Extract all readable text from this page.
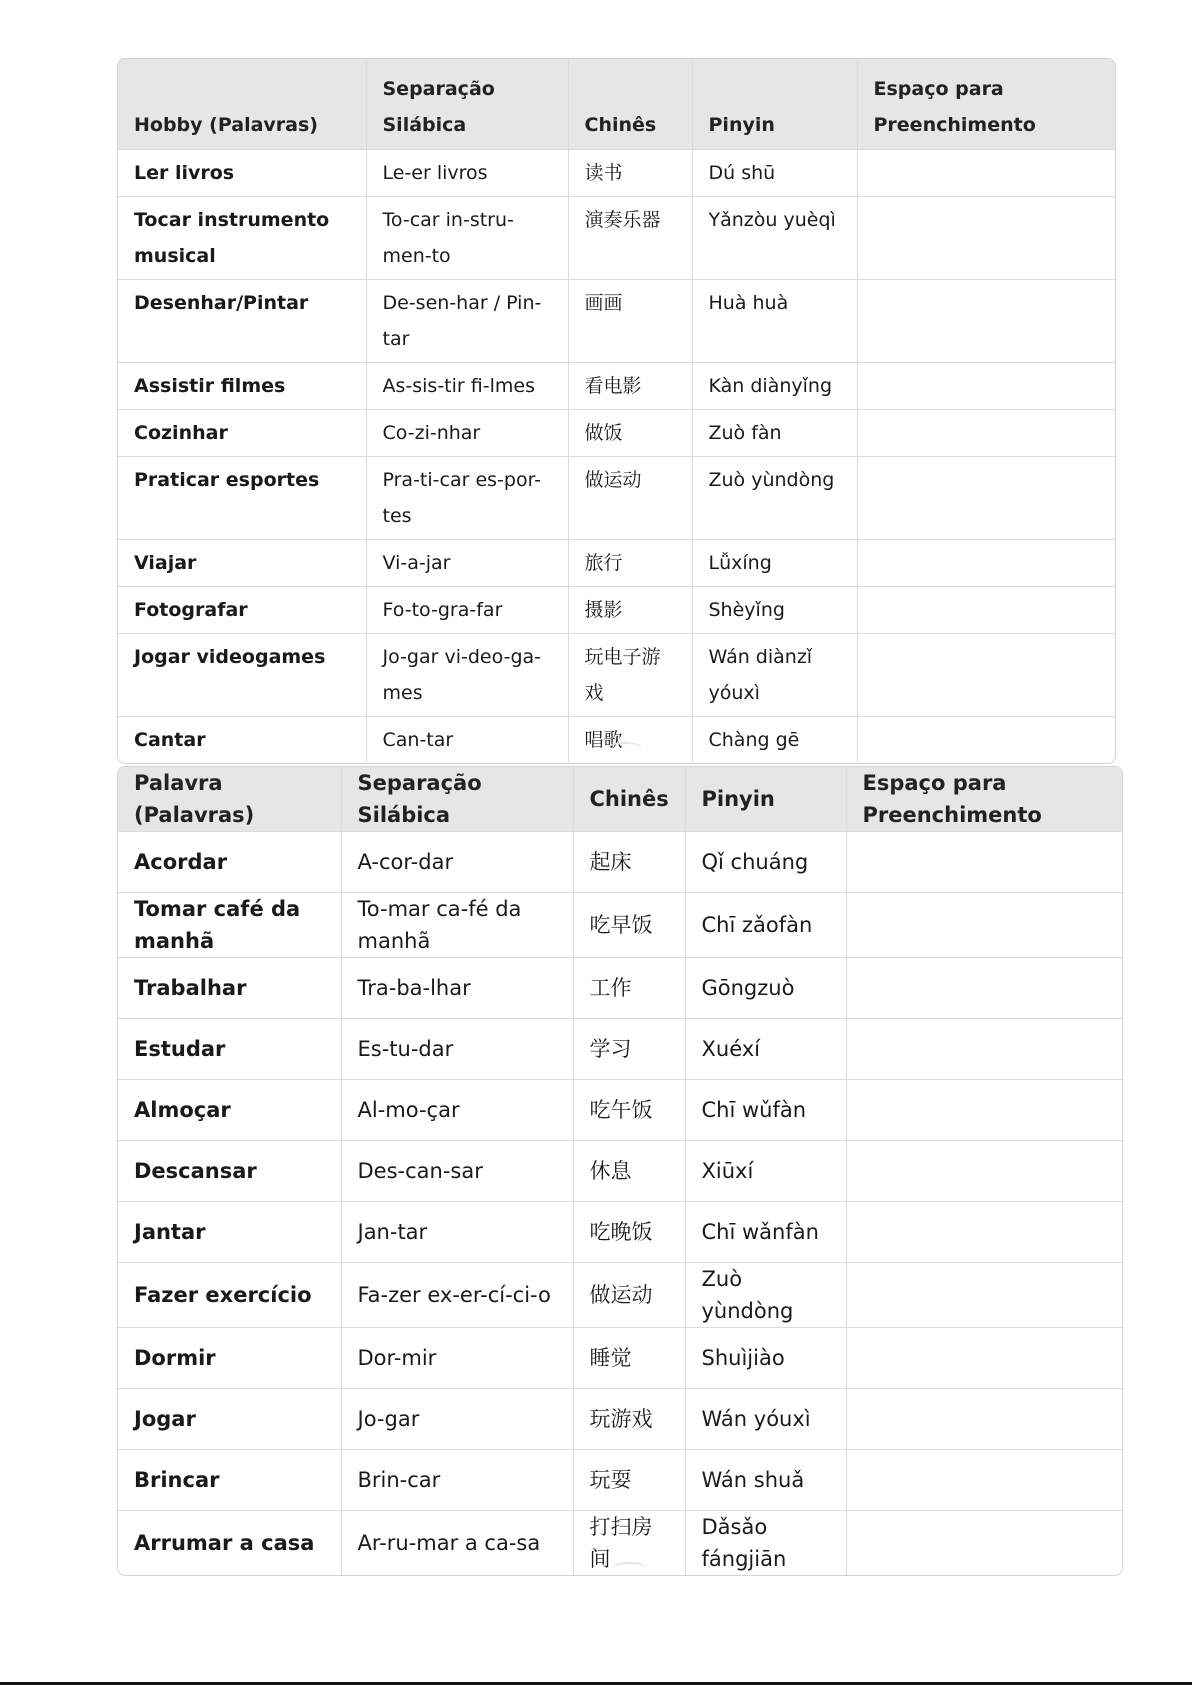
Hobby (Palavras)	Separação Silábica	Chinês	Pinyin	Espaço para Preenchimento
Ler livros	Le-er livros	读书	Dú shū	
Tocar instrumento musical	To-car in-stru-men-to	演奏乐器	Yǎnzòu yuèqì	
Desenhar/Pintar	De-sen-har / Pin-tar	画画	Huà huà	
Assistir filmes	As-sis-tir fi-lmes	看电影	Kàn diànyǐng	
Cozinhar	Co-zi-nhar	做饭	Zuò fàn	
Praticar esportes	Pra-ti-car es-por-tes	做运动	Zuò yùndòng	
Viajar	Vi-a-jar	旅行	Lǚxíng	
Fotografar	Fo-to-gra-far	摄影	Shèyǐng	
Jogar videogames	Jo-gar vi-deo-ga-mes	玩电子游戏	Wán diànzǐ yóuxì	
Cantar	Can-tar	唱歌	Chàng gē	
Palavra (Palavras)	Separação Silábica	Chinês	Pinyin	Espaço para Preenchimento
Acordar	A-cor-dar	起床	Qǐ chuáng	
Tomar café da manhã	To-mar ca-fé da manhã	吃早饭	Chī zǎofàn	
Trabalhar	Tra-ba-lhar	工作	Gōngzuò	
Estudar	Es-tu-dar	学习	Xuéxí	
Almoçar	Al-mo-çar	吃午饭	Chī wǔfàn	
Descansar	Des-can-sar	休息	Xiūxí	
Jantar	Jan-tar	吃晚饭	Chī wǎnfàn	
Fazer exercício	Fa-zer ex-er-cí-ci-o	做运动	Zuò yùndòng	
Dormir	Dor-mir	睡觉	Shuìjiào	
Jogar	Jo-gar	玩游戏	Wán yóuxì	
Brincar	Brin-car	玩耍	Wán shuǎ	
Arrumar a casa	Ar-ru-mar a ca-sa	打扫房间	Dǎsǎo fángjiān	
